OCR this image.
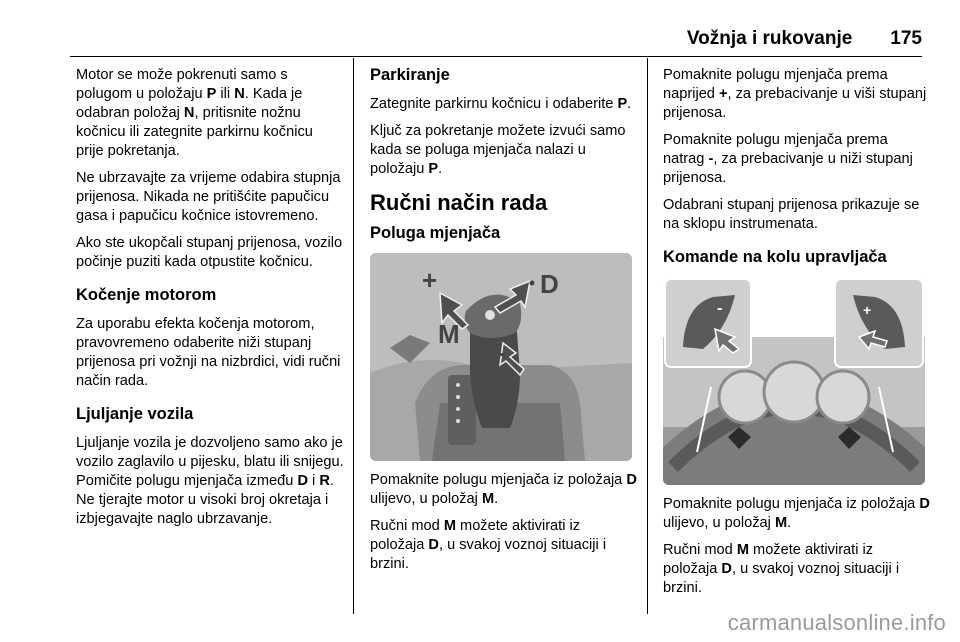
Vožnja i rukovanje 175

Motor se može pokrenuti samo s polugom u položaju P ili N. Kada je odabran položaj N, pritisnite nožnu kočnicu ili zategnite parkirnu kočnicu prije pokretanja.

Ne ubrzavajte za vrijeme odabira stupnja prijenosa. Nikada ne pritišćite papučicu gasa i papučicu kočnice istovremeno.

Ako ste ukopčali stupanj prijenosa, vozilo počinje puziti kada otpustite kočnicu.

Kočenje motorom

Za uporabu efekta kočenja motorom, pravovremeno odaberite niži stupanj prijenosa pri vožnji na nizbrdici, vidi ručni način rada.

Ljuljanje vozila

Ljuljanje vozila je dozvoljeno samo ako je vozilo zaglavilo u pijesku, blatu ili snijegu. Pomičite polugu mjenjača između D i R. Ne tjerajte motor u visoki broj okretaja i izbjegavajte naglo ubrzavanje.

Parkiranje

Zategnite parkirnu kočnicu i odaberite P.

Ključ za pokretanje možete izvući samo kada se poluga mjenjača nalazi u položaju P.

Ručni način rada
Poluga mjenjača
+
-
D
M

Pomaknite polugu mjenjača iz položaja D ulijevo, u položaj M.

Ručni mod M možete aktivirati iz položaja D, u svakoj voznoj situaciji i brzini.

Pomaknite polugu mjenjača prema naprijed +, za prebacivanje u viši stupanj prijenosa.

Pomaknite polugu mjenjača prema natrag -, za prebacivanje u niži stupanj prijenosa.

Odabrani stupanj prijenosa prikazuje se na sklopu instrumenata.

Komande na kolu upravljača
-	+

Pomaknite polugu mjenjača iz položaja D ulijevo, u položaj M.

Ručni mod M možete aktivirati iz položaja D, u svakoj voznoj situaciji i brzini.

carmanualsonline.info
